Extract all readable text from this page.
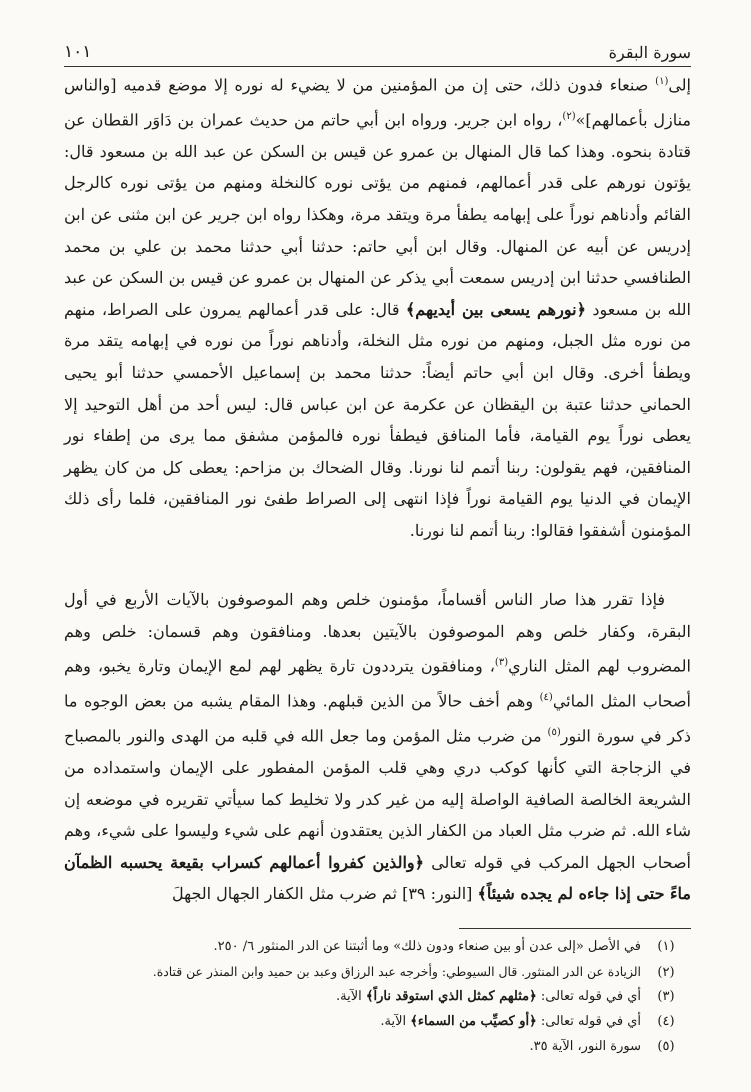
١٠١	سورة البقرة

إلى$^{(١)}$ صنعاء فدون ذلك، حتى إن من المؤمنين من لا يضيء له نوره إلا موضع قدميه [والناس منازل بأعمالهم]»$^{(٢)}$، رواه ابن جرير. ورواه ابن أبي حاتم من حديث عمران بن دَاوَر القطان عن قتادة بنحوه. وهذا كما قال المنهال بن عمرو عن قيس بن السكن عن عبد الله بن مسعود قال: يؤتون نورهم على قدر أعمالهم، فمنهم من يؤتى نوره كالنخلة ومنهم من يؤتى نوره كالرجل القائم وأدناهم نوراً على إبهامه يطفأ مرة ويتقد مرة، وهكذا رواه ابن جرير عن ابن مثنى عن ابن إدريس عن أبيه عن المنهال. وقال ابن أبي حاتم: حدثنا أبي حدثنا محمد بن علي بن محمد الطنافسي حدثنا ابن إدريس سمعت أبي يذكر عن المنهال بن عمرو عن قيس بن السكن عن عبد الله بن مسعود ﴿نورهم يسعى بين أيديهم﴾ قال: على قدر أعمالهم يمرون على الصراط، منهم من نوره مثل الجبل، ومنهم من نوره مثل النخلة، وأدناهم نوراً من نوره في إبهامه يتقد مرة ويطفأ أخرى. وقال ابن أبي حاتم أيضاً: حدثنا محمد بن إسماعيل الأحمسي حدثنا أبو يحيى الحماني حدثنا عتبة بن اليقظان عن عكرمة عن ابن عباس قال: ليس أحد من أهل التوحيد إلا يعطى نوراً يوم القيامة، فأما المنافق فيطفأ نوره فالمؤمن مشفق مما يرى من إطفاء نور المنافقين، فهم يقولون: ربنا أتمم لنا نورنا. وقال الضحاك بن مزاحم: يعطى كل من كان يظهر الإيمان في الدنيا يوم القيامة نوراً فإذا انتهى إلى الصراط طفئ نور المنافقين، فلما رأى ذلك المؤمنون أشفقوا فقالوا: ربنا أتمم لنا نورنا.

فإذا تقرر هذا صار الناس أقساماً، مؤمنون خلص وهم الموصوفون بالآيات الأربع في أول البقرة، وكفار خلص وهم الموصوفون بالآيتين بعدها. ومنافقون وهم قسمان: خلص وهم المضروب لهم المثل الناري$^{(٣)}$، ومنافقون يترددون تارة يظهر لهم لمع الإيمان وتارة يخبو، وهم أصحاب المثل المائي$^{(٤)}$ وهم أخف حالاً من الذين قبلهم. وهذا المقام يشبه من بعض الوجوه ما ذكر في سورة النور$^{(٥)}$ من ضرب مثل المؤمن وما جعل الله في قلبه من الهدى والنور بالمصباح في الزجاجة التي كأنها كوكب دري وهي قلب المؤمن المفطور على الإيمان واستمداده من الشريعة الخالصة الصافية الواصلة إليه من غير كدر ولا تخليط كما سيأتي تقريره في موضعه إن شاء الله. ثم ضرب مثل العباد من الكفار الذين يعتقدون أنهم على شيء وليسوا على شيء، وهم أصحاب الجهل المركب في قوله تعالى ﴿والذين كفروا أعمالهم كسراب بقيعة يحسبه الظمآن ماءً حتى إذا جاءه لم يجده شيئاً﴾ [النور: ٣٩] ثم ضرب مثل الكفار الجهال الجهلَ

(١)
في الأصل «إلى عدن أو بين صنعاء ودون ذلك» وما أثبتنا عن الدر المنثور ٦/ ٢٥٠.
(٢)
الزيادة عن الدر المنثور. قال السيوطي: وأخرجه عبد الرزاق وعبد بن حميد وابن المنذر عن قتادة.
(٣)
أي في قوله تعالى: ﴿مثلهم كمثل الذي استوقد ناراً﴾ الآية.
(٤)
أي في قوله تعالى: ﴿أو كصيِّب من السماء﴾ الآية.
(٥)
سورة النور، الآية ٣٥.
